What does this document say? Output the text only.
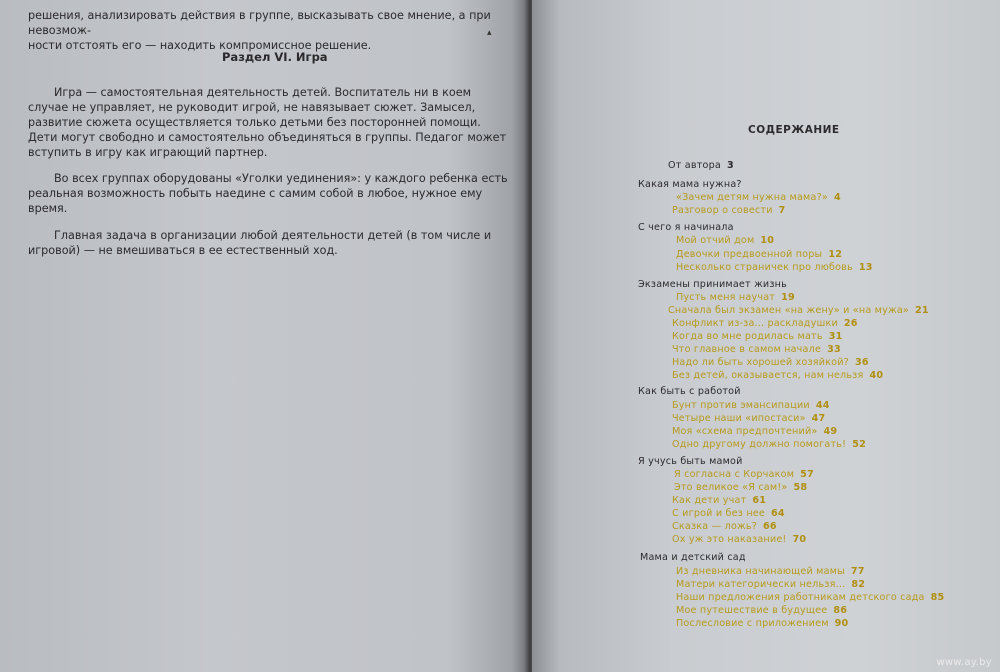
решения, анализировать действия в группе, высказывать свое мнение, а при невозмож-

ности отстоять его — находить компромиссное решение.

▴
Раздел VI. Игра

Игра — самостоятельная деятельность детей. Воспитатель ни в коем случае не управляет, не руководит игрой, не навязывает сюжет. Замысел, развитие сюжета осуществляется только детьми без посторонней помощи. Дети могут свободно и самостоятельно объединяться в группы. Педагог может вступить в игру как играющий партнер.

Во всех группах оборудованы «Уголки уединения»: у каждого ребенка есть реальная возможность побыть наедине с самим собой в любое, нужное ему время.

Главная задача в организации любой деятельности детей (в том числе и игровой) — не вмешиваться в ее естественный ход.

СОДЕРЖАНИЕ
От автора 3
Какая мама нужна?
«Зачем детям нужна мама?» 4
Разговор о совести 7
С чего я начинала
Мой отчий дом 10
Девочки предвоенной поры 12
Несколько страничек про любовь 13
Экзамены принимает жизнь
Пусть меня научат 19
Сначала был экзамен «на жену» и «на мужа» 21
Конфликт из-за... раскладушки 26
Когда во мне родилась мать 31
Что главное в самом начале 33
Надо ли быть хорошей хозяйкой? 36
Без детей, оказывается, нам нельзя 40
Как быть с работой
Бунт против эмансипации 44
Четыре наши «ипостаси» 47
Моя «схема предпочтений» 49
Одно другому должно помогать! 52
Я учусь быть мамой
Я согласна с Корчаком 57
Это великое «Я сам!» 58
Как дети учат 61
С игрой и без нее 64
Сказка — ложь? 66
Ох уж это наказание! 70
Мама и детский сад
Из дневника начинающей мамы 77
Матери категорически нельзя... 82
Наши предложения работникам детского сада 85
Мое путешествие в будущее 86
Послесловие с приложением 90
www.ay.by
